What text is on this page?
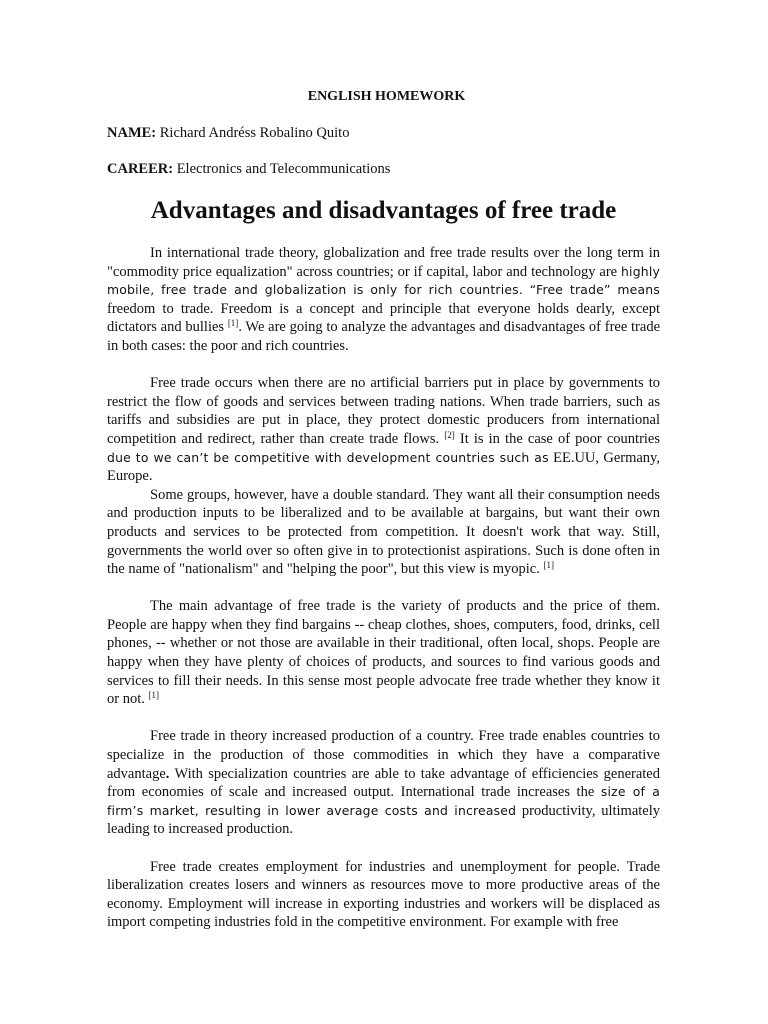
ENGLISH HOMEWORK

NAME: Richard Andréss Robalino Quito

CAREER: Electronics and Telecommunications

Advantages and disadvantages of free trade

In international trade theory, globalization and free trade results over the long term in "commodity price equalization" across countries; or if capital, labor and technology are highly mobile, free trade and globalization is only for rich countries. “Free trade” means freedom to trade. Freedom is a concept and principle that everyone holds dearly, except dictators and bullies [1]. We are going to analyze the advantages and disadvantages of free trade in both cases: the poor and rich countries.

Free trade occurs when there are no artificial barriers put in place by governments to restrict the flow of goods and services between trading nations. When trade barriers, such as tariffs and subsidies are put in place, they protect domestic producers from international competition and redirect, rather than create trade flows. [2] It is in the case of poor countries due to we can’t be competitive with development countries such as EE.UU, Germany, Europe.

Some groups, however, have a double standard. They want all their consumption needs and production inputs to be liberalized and to be available at bargains, but want their own products and services to be protected from competition. It doesn't work that way. Still, governments the world over so often give in to protectionist aspirations. Such is done often in the name of "nationalism" and "helping the poor", but this view is myopic. [1]

The main advantage of free trade is the variety of products and the price of them. People are happy when they find bargains -- cheap clothes, shoes, computers, food, drinks, cell phones, -- whether or not those are available in their traditional, often local, shops. People are happy when they have plenty of choices of products, and sources to find various goods and services to fill their needs. In this sense most people advocate free trade whether they know it or not. [1]

Free trade in theory increased production of a country. Free trade enables countries to specialize in the production of those commodities in which they have a comparative advantage. With specialization countries are able to take advantage of efficiencies generated from economies of scale and increased output. International trade increases the size of a firm’s market, resulting in lower average costs and increased productivity, ultimately leading to increased production.

Free trade creates employment for industries and unemployment for people. Trade liberalization creates losers and winners as resources move to more productive areas of the economy. Employment will increase in exporting industries and workers will be displaced as import competing industries fold in the competitive environment. For example with free
